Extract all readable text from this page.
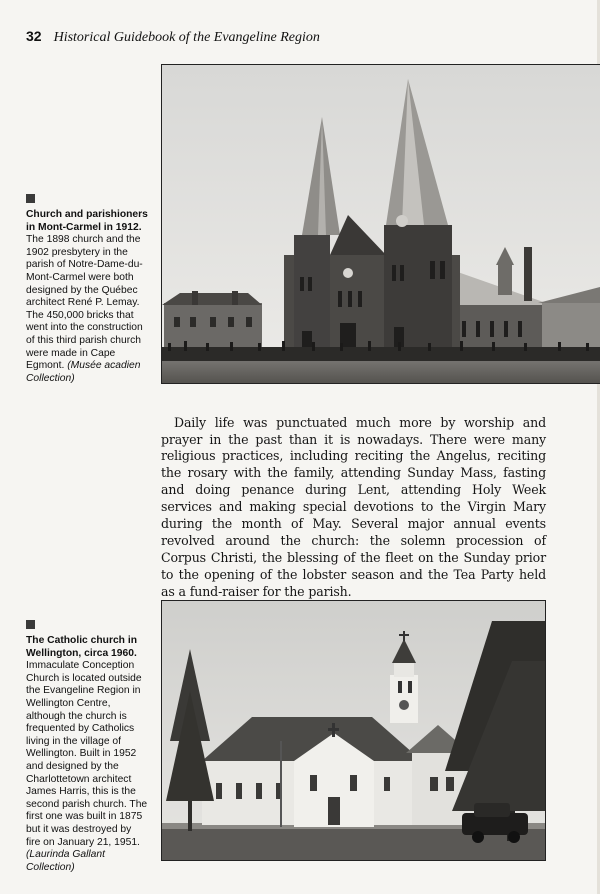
32 Historical Guidebook of the Evangeline Region
Church and parishioners in Mont-Carmel in 1912. The 1898 church and the 1902 presbytery in the parish of Notre-Dame-du-Mont-Carmel were both designed by the Québec architect René P. Lemay. The 450,000 bricks that went into the construction of this third parish church were made in Cape Egmont. (Musée acadien Collection)

Daily life was punctuated much more by worship and prayer in the past than it is nowadays. There were many religious practices, including reciting the Angelus, reciting the rosary with the family, attending Sunday Mass, fasting and doing penance during Lent, attending Holy Week services and making special devotions to the Virgin Mary during the month of May. Several major annual events revolved around the church: the solemn procession of Corpus Christi, the blessing of the fleet on the Sunday prior to the opening of the lobster season and the Tea Party held as a fund-raiser for the parish.

The Catholic church in Wellington, circa 1960. Immaculate Conception Church is located outside the Evangeline Region in Wellington Centre, although the church is frequented by Catholics living in the village of Wellington. Built in 1952 and designed by the Charlottetown architect James Harris, this is the second parish church. The first one was built in 1875 but it was destroyed by fire on January 21, 1951. (Laurinda Gallant Collection)
